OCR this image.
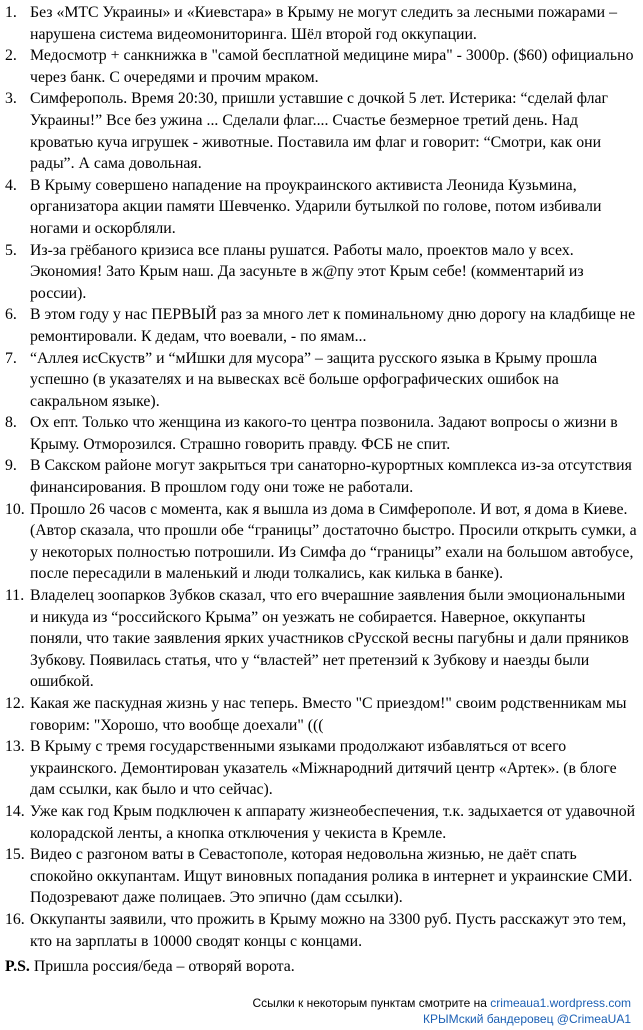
1. Без «МТС Украины» и «Киевстара» в Крыму не могут следить за лесными пожарами – нарушена система видеомониторинга. Шёл второй год оккупации.
2. Медосмотр + санкнижка в "самой бесплатной медицине мира" - 3000р. ($60) официально через банк. С очередями и прочим мраком.
3. Симферополь. Время 20:30, пришли уставшие с дочкой 5 лет. Истерика: “сделай флаг Украины!” Все без ужина ... Сделали флаг.... Счастье безмерное третий день. Над кроватью куча игрушек - животные. Поставила им флаг и говорит: “Смотри, как они рады”. А сама довольная.
4. В Крыму совершено нападение на проукраинского активиста Леонида Кузьмина, организатора акции памяти Шевченко. Ударили бутылкой по голове, потом избивали ногами и оскорбляли.
5. Из-за грёбаного кризиса все планы рушатся. Работы мало, проектов мало у всех. Экономия! Зато Крым наш. Да засуньте в ж@пу этот Крым себе! (комментарий из россии).
6. В этом году у нас ПЕРВЫЙ раз за много лет к поминальному дню дорогу на кладбище не ремонтировали. К дедам, что воевали, - по ямам...
7. “Аллея исСкуств” и “мИшки для мусора” – защита русского языка в Крыму прошла успешно (в указателях и на вывесках всё больше орфографических ошибок на сакральном языке).
8. Ох епт. Только что женщина из какого-то центра позвонила. Задают вопросы о жизни в Крыму. Отморозился. Страшно говорить правду. ФСБ не спит.
9. В Сакском районе могут закрыться три санаторно-курортных комплекса из-за отсутствия финансирования. В прошлом году они тоже не работали.
10. Прошло 26 часов с момента, как я вышла из дома в Симферополе. И вот, я дома в Киеве. (Автор сказала, что прошли обе “границы” достаточно быстро. Просили открыть сумки, а у некоторых полностью потрошили. Из Симфа до “границы” ехали на большом автобусе, после пересадили в маленький и люди толкались, как килька в банке).
11. Владелец зоопарков Зубков сказал, что его вчерашние заявления были эмоциональными и никуда из “российского Крыма” он уезжать не собирается. Наверное, оккупанты поняли, что такие заявления ярких участников сРусской весны пагубны и дали пряников Зубкову. Появилась статья, что у “властей” нет претензий к Зубкову и наезды были ошибкой.
12. Какая же паскудная жизнь у нас теперь. Вместо "С приездом!" своим родственникам мы говорим: "Хорошо, что вообще доехали" (((
13. В Крыму с тремя государственными языками продолжают избавляться от всего украинского. Демонтирован указатель «Міжнародний дитячий центр «Артек». (в блоге дам ссылки, как было и что сейчас).
14. Уже как год Крым подключен к аппарату жизнеобеспечения, т.к. задыхается от удавочной колорадской ленты, а кнопка отключения у чекиста в Кремле.
15. Видео с разгоном ваты в Севастополе, которая недовольна жизнью, не даёт спать спокойно оккупантам. Ищут виновных попадания ролика в интернет и украинские СМИ. Подозревают даже полицаев. Это эпично (дам ссылки).
16. Оккупанты заявили, что прожить в Крыму можно на 3300 руб. Пусть расскажут это тем, кто на зарплаты в 10000 сводят концы с концами.
P.S. Пришла россия/беда – отворяй ворота.
Ссылки к некоторым пунктам смотрите на crimeaua1.wordpress.com
КРЫМский бандеровец @CrimeaUA1
